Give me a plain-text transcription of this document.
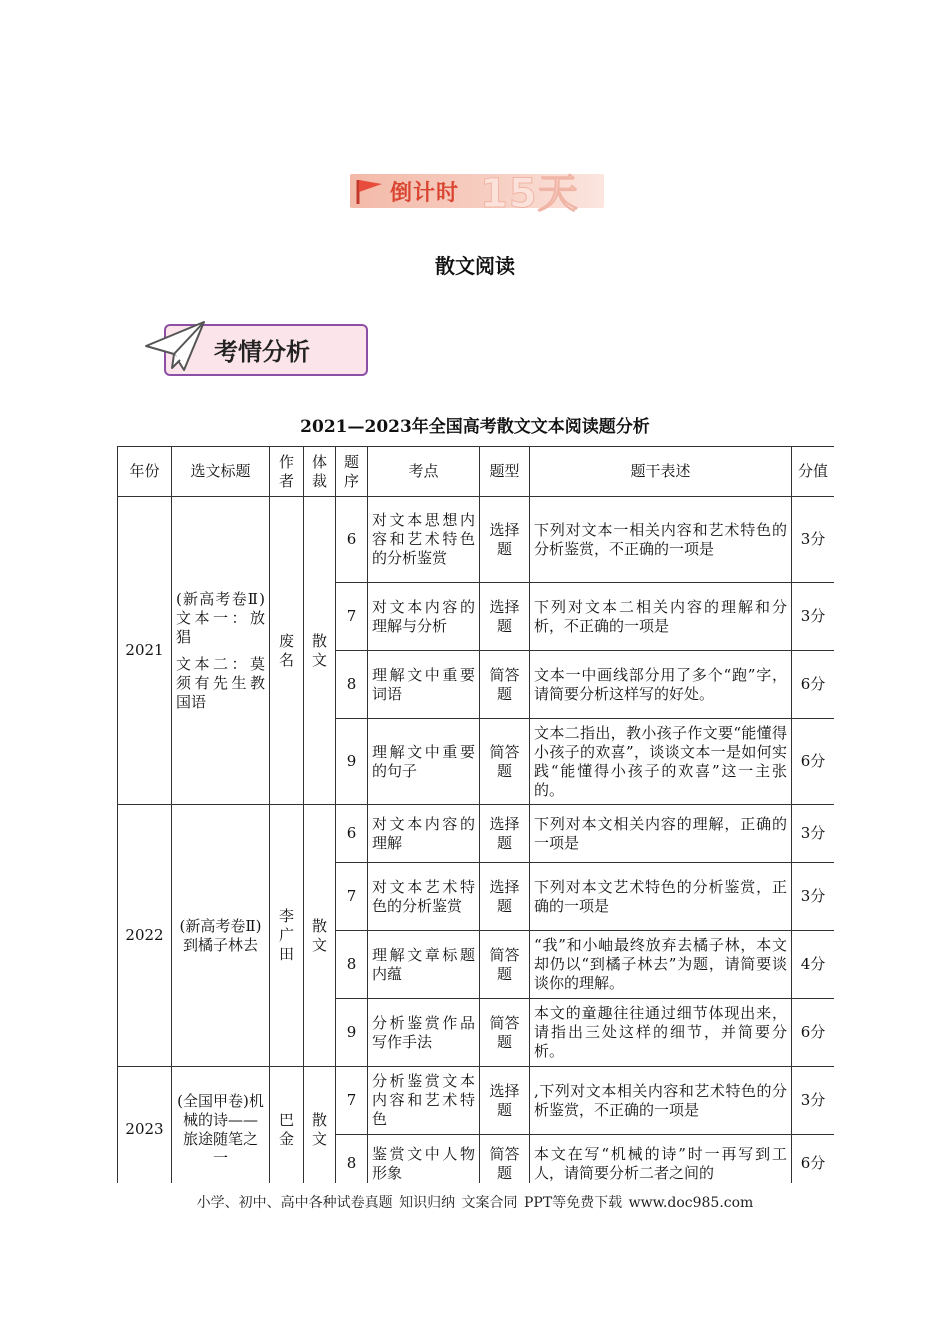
倒计时 15天
散文阅读
考情分析
2021—2023年全国高考散文文本阅读题分析
年份	选文标题	作者	体裁	题序	考点	题型	题干表述	分值
2021	(新高考卷Ⅱ)文本一：放猖
文本二：莫须有先生教国语	废名	散文	6	对文本思想内容和艺术特色的分析鉴赏	选择题	下列对文本一相关内容和艺术特色的分析鉴赏，不正确的一项是	3分
				7	对文本内容的理解与分析	选择题	下列对文本二相关内容的理解和分析，不正确的一项是	3分
				8	理解文中重要词语	简答题	文本一中画线部分用了多个“跑”字，请简要分析这样写的好处。	6分
				9	理解文中重要的句子	简答题	文本二指出，教小孩子作文要“能懂得小孩子的欢喜”，谈谈文本一是如何实践“能懂得小孩子的欢喜”这一主张的。	6分
2022	(新高考卷Ⅱ)到橘子林去	李广田	散文	6	对文本内容的理解	选择题	下列对本文相关内容的理解，正确的一项是	3分
				7	对文本艺术特色的分析鉴赏	选择题	下列对本文艺术特色的分析鉴赏，正确的一项是	3分
				8	理解文章标题内蕴	简答题	“我”和小岫最终放弃去橘子林，本文却仍以“到橘子林去”为题，请简要谈谈你的理解。	4分
				9	分析鉴赏作品写作手法	简答题	本文的童趣往往通过细节体现出来，请指出三处这样的细节，并简要分析。	6分
2023	(全国甲卷)机械的诗——旅途随笔之一	巴金	散文	7	分析鉴赏文本内容和艺术特色	选择题	,下列对文本相关内容和艺术特色的分析鉴赏，不正确的一项是	3分
				8	鉴赏文中人物形象	简答题	本文在写“机械的诗”时一再写到工人，请简要分析二者之间的	6分
小学、初中、高中各种试卷真题 知识归纳 文案合同 PPT等免费下载 www.doc985.com
